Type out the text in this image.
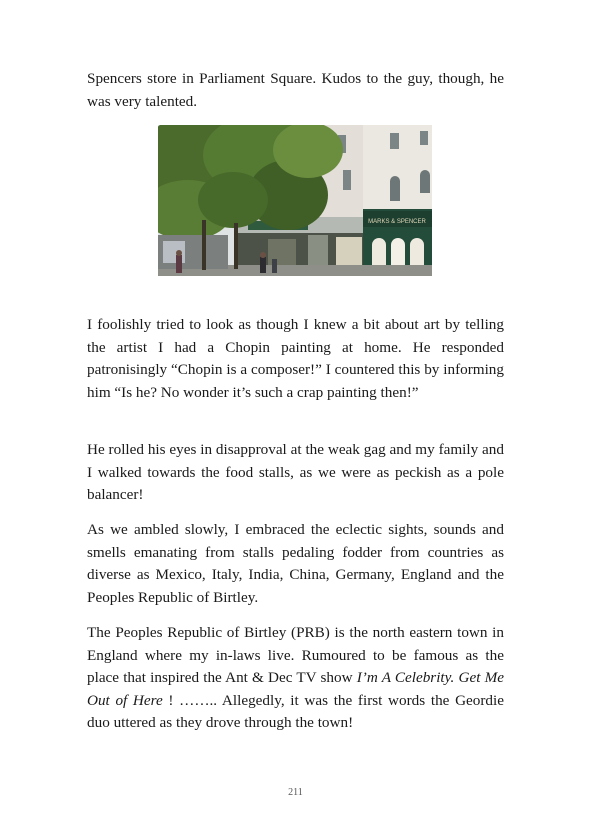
Spencers store in Parliament Square. Kudos to the guy, though, he was very talented.

MARKS & SPENCER

I foolishly tried to look as though I knew a bit about art by telling the artist I had a Chopin painting at home. He responded patronisingly “Chopin is a composer!” I countered this by informing him “Is he? No wonder it’s such a crap painting then!”

He rolled his eyes in disapproval at the weak gag and my family and I walked towards the food stalls, as we were as peckish as a pole balancer!

As we ambled slowly, I embraced the eclectic sights, sounds and smells emanating from stalls pedaling fodder from countries as diverse as Mexico, Italy, India, China, Germany, England and the Peoples Republic of Birtley.

The Peoples Republic of Birtley (PRB) is the north eastern town in England where my in-laws live. Rumoured to be famous as the place that inspired the Ant & Dec TV show I’m A Celebrity. Get Me Out of Here ! …….. Allegedly, it was the first words the Geordie duo uttered as they drove through the town!

211
